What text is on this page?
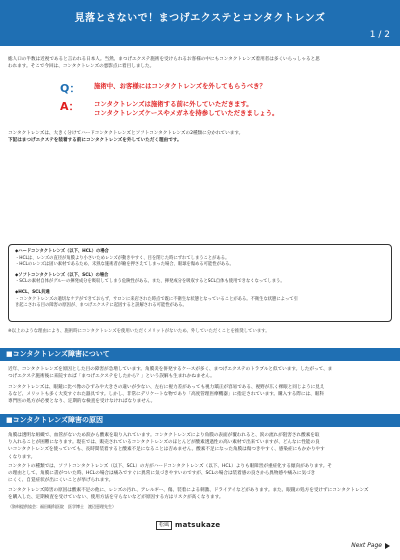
見落とさないで！まつげエクステとコンタクトレンズ
1 / 2
総人口の半数は近視であると言われる日本人。当然、まつげエクステ施術を受けられるお客様の中にもコンタクトレンズ着用者は多くいらっしゃると思
われます。そこで今回は、コンタクトレンズの悪影点に着目しました。
Q： 施術中、お客様にはコンタクトレンズを外してもらうべき？
A： コンタクトレンズは施術する前に外していただきます。
コンタクトレンズケースやメガネを持参していただきましょう。
コンタクトレンズは、大きく分けてハードコンタクトレンズとソフトコンタクトレンズの2種類に分かれています。
下記はまつげエクステを装着する前にコンタクトレンズを外していただく理由です。
◆ハードコンタクトレンズ（以下、HCL）の場合
・HCLは、レンズの直径が角膜より小さいためレンズが動きやすく、目を閉じた時にずれてしまうことがある。
・HCLのレンズは固い素材であるため、未熟な施術者が瞼を押さえてしまった場合、眼球を傷める可能性がある。
◆ソフトコンタクトレンズ（以下、SCL）の場合
・SCLの素材自体がグルーの揮発成分を吸収してしまう危険性がある。また、揮発成分を吸収するとSCL自体も使用できなくなってしまう。
◆HCL、SCL共通
・コンタクトレンズの適切なケアができておらず、サロンに来店された時点で既に不衛生な状態となっていることがある。不衛生な状態によって引
き起こされる目の障害の原因が、まつげエクステに起因すると誤解される可能性がある。
※以上のような理由により、施術時にコンタクトレンズを使用いただくメリットがないため、外していただくことを推奨しています。
■コンタクトレンズ障害について
近年、コンタクトレンズを原因とした目の障害が急増しています。角膜炎を併発するケースが多く、まつげエクステのトラブルと似ています。したがって、ま
つげエクステ施術後に来院すれば「まつげエクステをしたから？」という誤解も生まれかねません。
コンタクトレンズは、眼鏡に比べ像のひずみや大きさの違いが少ない、左右に視力差があっても視力矯正が容易である、視野が広く裸眼と同じように見え
るなど、メリットも多く大変すぐれた器具です。しかし、非常にデリケートな物であり「高度管理医療機器」に指定されています。購入する際には、眼科
専門医の処方が必要となり、定期的な検査を受けなければなりません。
■コンタクトレンズ障害の原因
角膜は透明な組織で、血管がないため涙から酸素を取り入れています。コンタクトレンズにより角膜の表面が覆われると、涙の流れが阻害され酸素を取
り入れることが困難になります。現在では、販売されているコンタクトレンズのほとんどが酸素透過性の高い素材で出来ていますが、どんなに性能の良
いコンタクトレンズを使っていても、長時間装着すると酸素不足になることは否めません。酸素不足になった角膜は傷つきやすく、感染症にもかかりやす
くなります。
コンタクトの種類では、ソフトコンタクトレンズ（以下、SCL）の方がハードコンタクトレンズ（以下、HCL）よりも眼障害が重症化する傾向があります。そ
の理由として、角膜に書がついた時、HCLの場合は痛みですぐに異常に気づきやすいのですが、SCLの場合は装着感の良さから異物感や痛みに気づき
にくく、自覚症状が出にくいことが挙げられます。
コンタクトレンズ障害の原因は酸素不足の他に、レンズの汚れ、アレルギー、傷、装着による刺激、ドライアイなどがあります。また、眼鏡の処方を受けずにコンタクトレンズ
を購入した、定期検査を受けていない、使用方法を守らないなどが原因する方はリスクが高くなります。
（資料提供協会：福田眼科医院　医学博士　渡辺恵理先生）
松風 matsukaze
Next Page
